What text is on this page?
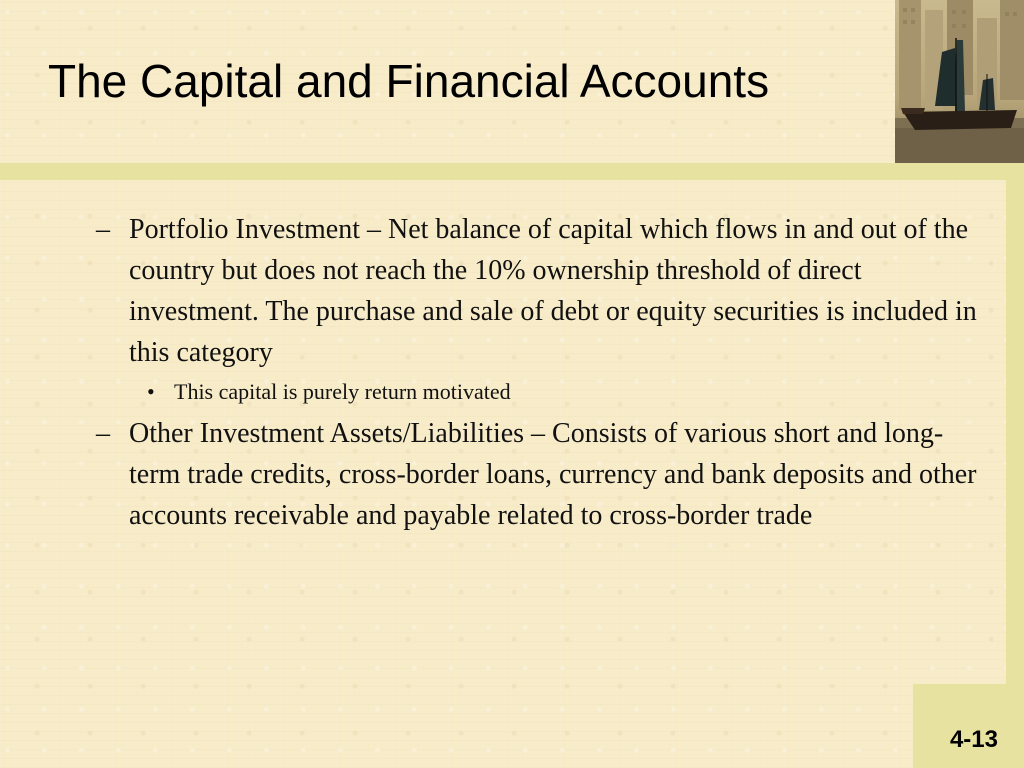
The Capital and Financial Accounts

– Portfolio Investment – Net balance of capital which flows in and out of the country but does not reach the 10% ownership threshold of direct investment. The purchase and sale of debt or equity securities is included in this category

• This capital is purely return motivated

– Other Investment Assets/Liabilities – Consists of various short and long-term trade credits, cross-border loans, currency and bank deposits and other accounts receivable and payable related to cross-border trade

4-13
